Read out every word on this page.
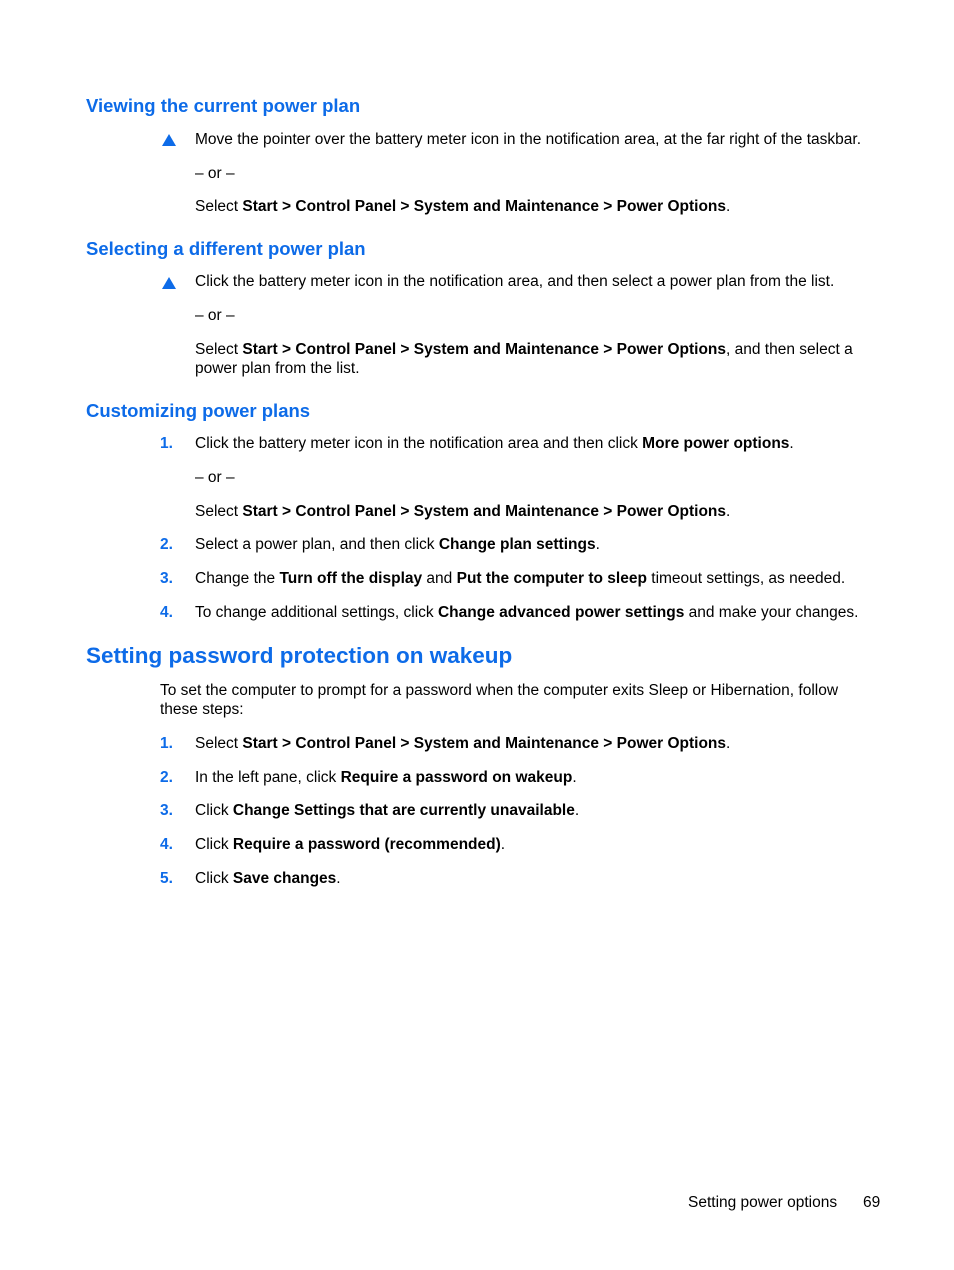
Viewing the current power plan
Move the pointer over the battery meter icon in the notification area, at the far right of the taskbar.
– or –
Select Start > Control Panel > System and Maintenance > Power Options.
Selecting a different power plan
Click the battery meter icon in the notification area, and then select a power plan from the list.
– or –
Select Start > Control Panel > System and Maintenance > Power Options, and then select a
power plan from the list.
Customizing power plans
1. Click the battery meter icon in the notification area and then click More power options.
– or –
Select Start > Control Panel > System and Maintenance > Power Options.
2. Select a power plan, and then click Change plan settings.
3. Change the Turn off the display and Put the computer to sleep timeout settings, as needed.
4. To change additional settings, click Change advanced power settings and make your changes.
Setting password protection on wakeup
To set the computer to prompt for a password when the computer exits Sleep or Hibernation, follow
these steps:
1. Select Start > Control Panel > System and Maintenance > Power Options.
2. In the left pane, click Require a password on wakeup.
3. Click Change Settings that are currently unavailable.
4. Click Require a password (recommended).
5. Click Save changes.
Setting power options 69
